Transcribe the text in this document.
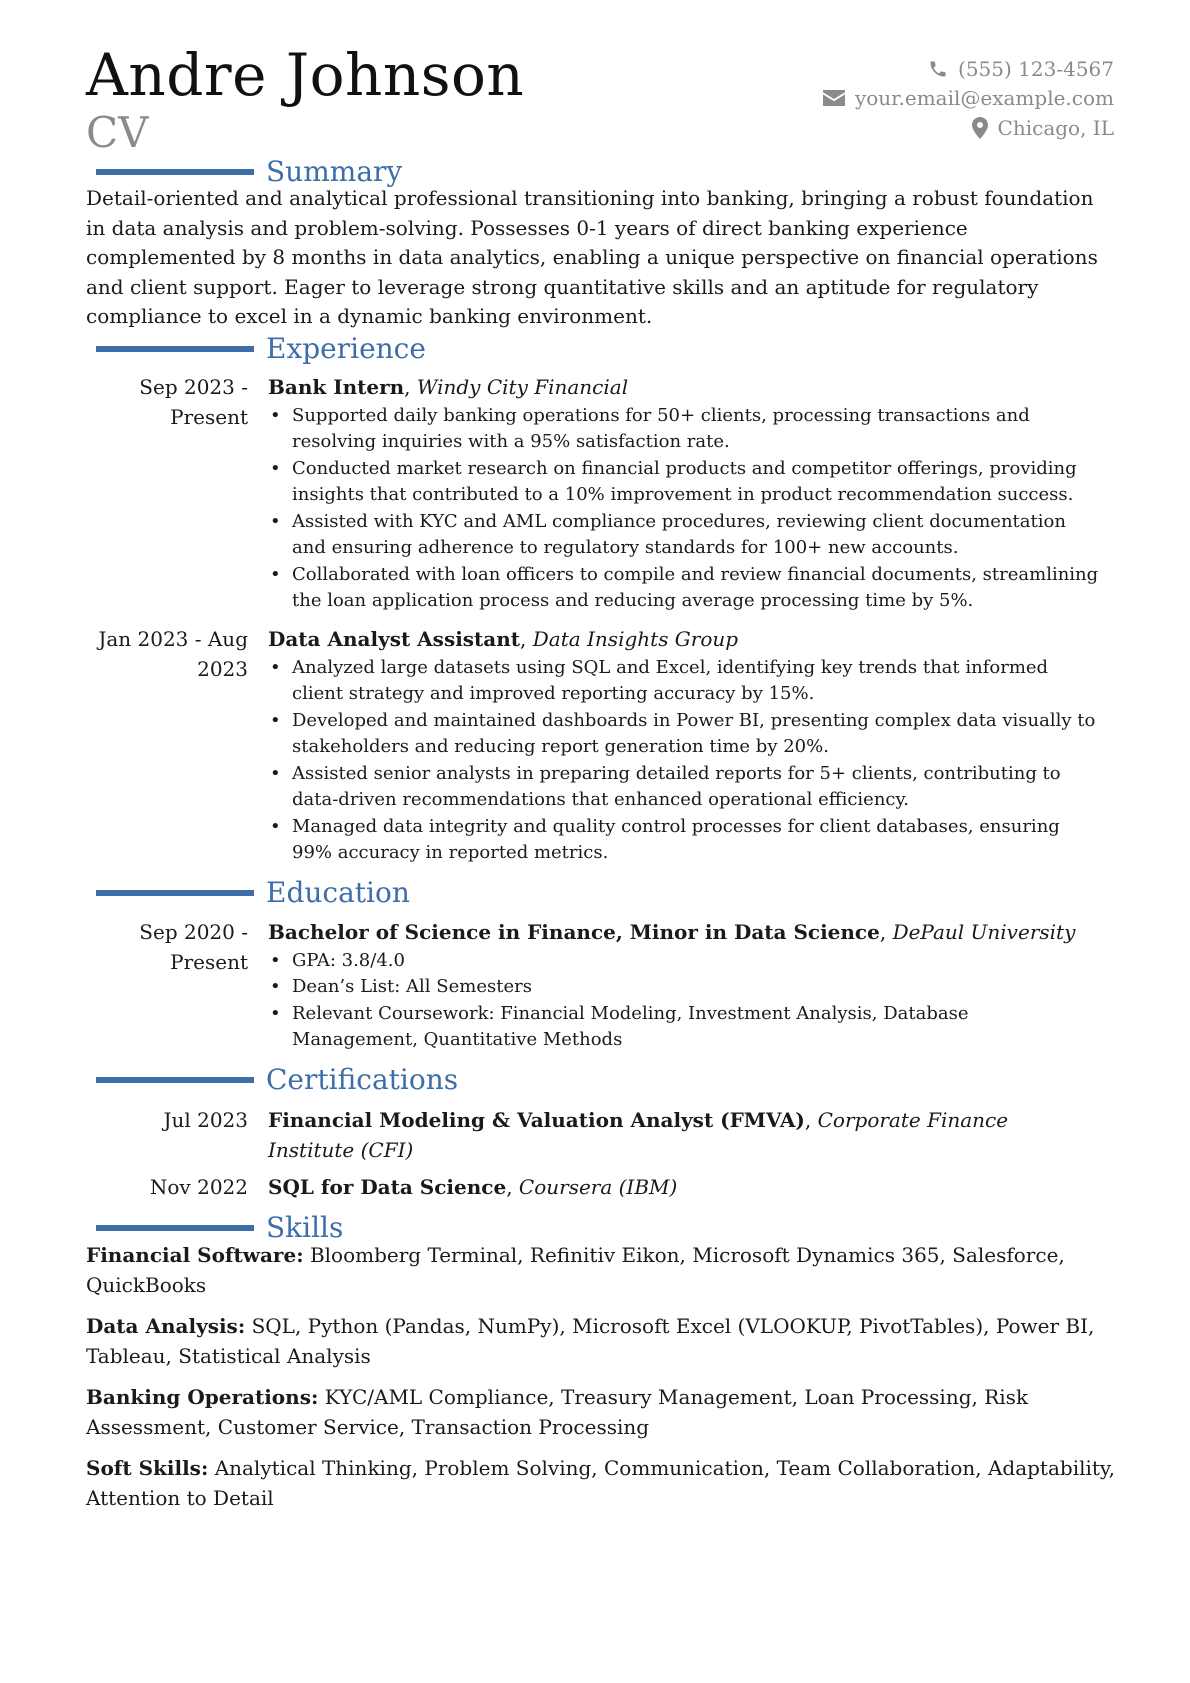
Andre Johnson
CV
(555) 123-4567
your.email@example.com
Chicago, IL
Summary
Detail-oriented and analytical professional transitioning into banking, bringing a robust foundation in data analysis and problem-solving. Possesses 0-1 years of direct banking experience complemented by 8 months in data analytics, enabling a unique perspective on financial operations and client support. Eager to leverage strong quantitative skills and an aptitude for regulatory compliance to excel in a dynamic banking environment.
Experience
Sep 2023 - Present
Bank Intern, Windy City Financial
• Supported daily banking operations for 50+ clients, processing transactions and resolving inquiries with a 95% satisfaction rate.
• Conducted market research on financial products and competitor offerings, providing insights that contributed to a 10% improvement in product recommendation success.
• Assisted with KYC and AML compliance procedures, reviewing client documentation and ensuring adherence to regulatory standards for 100+ new accounts.
• Collaborated with loan officers to compile and review financial documents, streamlining the loan application process and reducing average processing time by 5%.
Jan 2023 - Aug 2023
Data Analyst Assistant, Data Insights Group
• Analyzed large datasets using SQL and Excel, identifying key trends that informed client strategy and improved reporting accuracy by 15%.
• Developed and maintained dashboards in Power BI, presenting complex data visually to stakeholders and reducing report generation time by 20%.
• Assisted senior analysts in preparing detailed reports for 5+ clients, contributing to data-driven recommendations that enhanced operational efficiency.
• Managed data integrity and quality control processes for client databases, ensuring 99% accuracy in reported metrics.
Education
Sep 2020 - Present
Bachelor of Science in Finance, Minor in Data Science, DePaul University
• GPA: 3.8/4.0
• Dean’s List: All Semesters
• Relevant Coursework: Financial Modeling, Investment Analysis, Database Management, Quantitative Methods
Certifications
Jul 2023 Financial Modeling & Valuation Analyst (FMVA), Corporate Finance Institute (CFI)
Nov 2022 SQL for Data Science, Coursera (IBM)
Skills
Financial Software: Bloomberg Terminal, Refinitiv Eikon, Microsoft Dynamics 365, Salesforce, QuickBooks
Data Analysis: SQL, Python (Pandas, NumPy), Microsoft Excel (VLOOKUP, PivotTables), Power BI, Tableau, Statistical Analysis
Banking Operations: KYC/AML Compliance, Treasury Management, Loan Processing, Risk Assessment, Customer Service, Transaction Processing
Soft Skills: Analytical Thinking, Problem Solving, Communication, Team Collaboration, Adaptability, Attention to Detail
